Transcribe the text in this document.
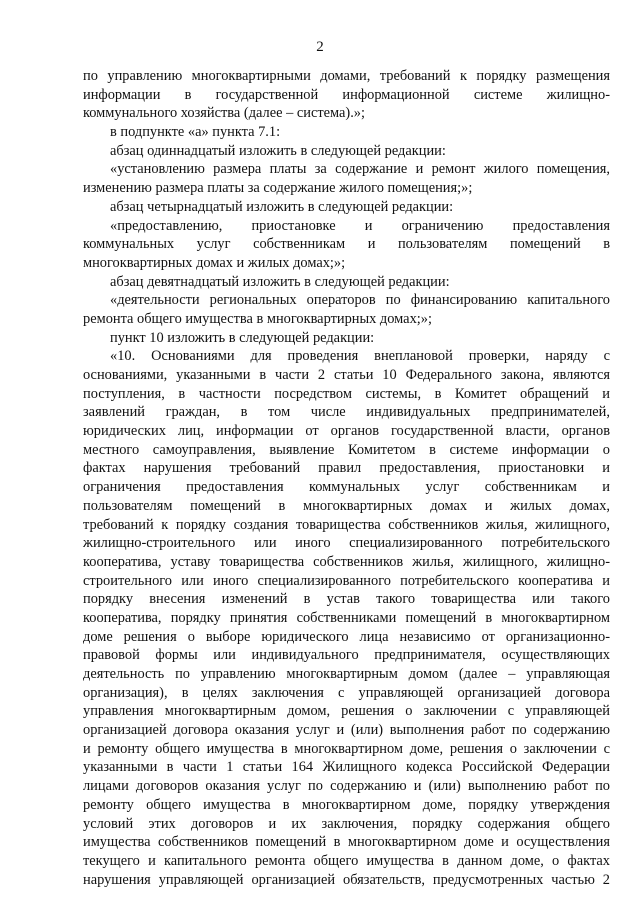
2
по управлению многоквартирными домами, требований к порядку размещения
информации в государственной информационной системе жилищно-
коммунального хозяйства (далее – система).»;
в подпункте «а» пункта 7.1:
абзац одиннадцатый изложить в следующей редакции:
«установлению размера платы за содержание и ремонт жилого помещения,
изменению размера платы за содержание жилого помещения;»;
абзац четырнадцатый изложить в следующей редакции:
«предоставлению, приостановке и ограничению предоставления
коммунальных услуг собственникам и пользователям помещений в
многоквартирных домах и жилых домах;»;
абзац девятнадцатый изложить в следующей редакции:
«деятельности региональных операторов по финансированию капитального
ремонта общего имущества в многоквартирных домах;»;
пункт 10 изложить в следующей редакции:
«10. Основаниями для проведения внеплановой проверки, наряду с
основаниями, указанными в части 2 статьи 10 Федерального закона, являются
поступления, в частности посредством системы, в Комитет обращений и
заявлений граждан, в том числе индивидуальных предпринимателей,
юридических лиц, информации от органов государственной власти, органов
местного самоуправления, выявление Комитетом в системе информации о
фактах нарушения требований правил предоставления, приостановки и
ограничения предоставления коммунальных услуг собственникам и
пользователям помещений в многоквартирных домах и жилых домах,
требований к порядку создания товарищества собственников жилья, жилищного,
жилищно-строительного или иного специализированного потребительского
кооператива, уставу товарищества собственников жилья, жилищного, жилищно-
строительного или иного специализированного потребительского кооператива и
порядку внесения изменений в устав такого товарищества или такого
кооператива, порядку принятия собственниками помещений в многоквартирном
доме решения о выборе юридического лица независимо от организационно-
правовой формы или индивидуального предпринимателя, осуществляющих
деятельность по управлению многоквартирным домом (далее – управляющая
организация), в целях заключения с управляющей организацией договора
управления многоквартирным домом, решения о заключении с управляющей
организацией договора оказания услуг и (или) выполнения работ по содержанию
и ремонту общего имущества в многоквартирном доме, решения о заключении с
указанными в части 1 статьи 164 Жилищного кодекса Российской Федерации
лицами договоров оказания услуг по содержанию и (или) выполнению работ по
ремонту общего имущества в многоквартирном доме, порядку утверждения
условий этих договоров и их заключения, порядку содержания общего
имущества собственников помещений в многоквартирном доме и осуществления
текущего и капитального ремонта общего имущества в данном доме, о фактах
нарушения управляющей организацией обязательств, предусмотренных частью 2
